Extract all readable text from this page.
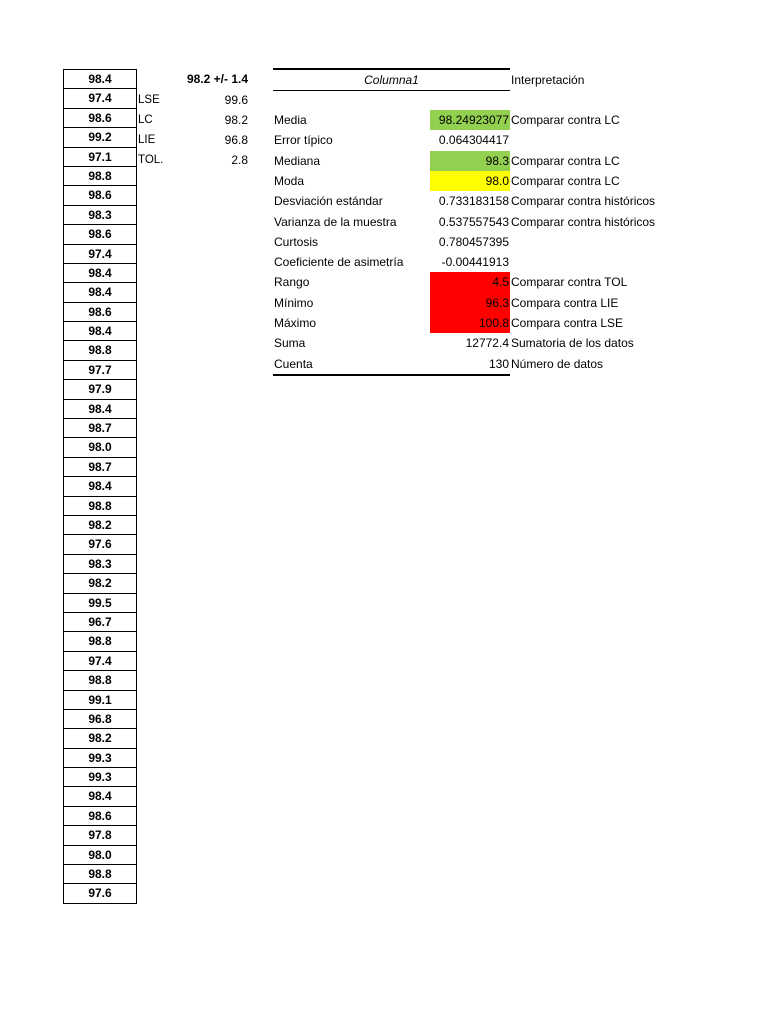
98.4
97.4
98.6
99.2
97.1
98.8
98.6
98.3
98.6
97.4
98.4
98.4
98.6
98.4
98.8
97.7
97.9
98.4
98.7
98.0
98.7
98.4
98.8
98.2
97.6
98.3
98.2
99.5
96.7
98.8
97.4
98.8
99.1
96.8
98.2
99.3
99.3
98.4
98.6
97.8
98.0
98.8
97.6
98.2 +/- 1.4
LSE	99.6
LC	98.2
LIE	96.8
TOL.	2.8
Columna1	Interpretación
Media	98.24923077 Comparar contra LC
Error típico	0.064304417
Mediana	98.3 Comparar contra LC
Moda	98.0 Comparar contra LC
Desviación estándar	0.733183158 Comparar contra históricos
Varianza de la muestra	0.537557543 Comparar contra históricos
Curtosis	0.780457395
Coeficiente de asimetría	-0.00441913
Rango	4.5 Comparar contra TOL
Mínimo	96.3 Compara contra LIE
Máximo	100.8 Compara contra LSE
Suma	12772.4 Sumatoria de los datos
Cuenta	130 Número de datos
